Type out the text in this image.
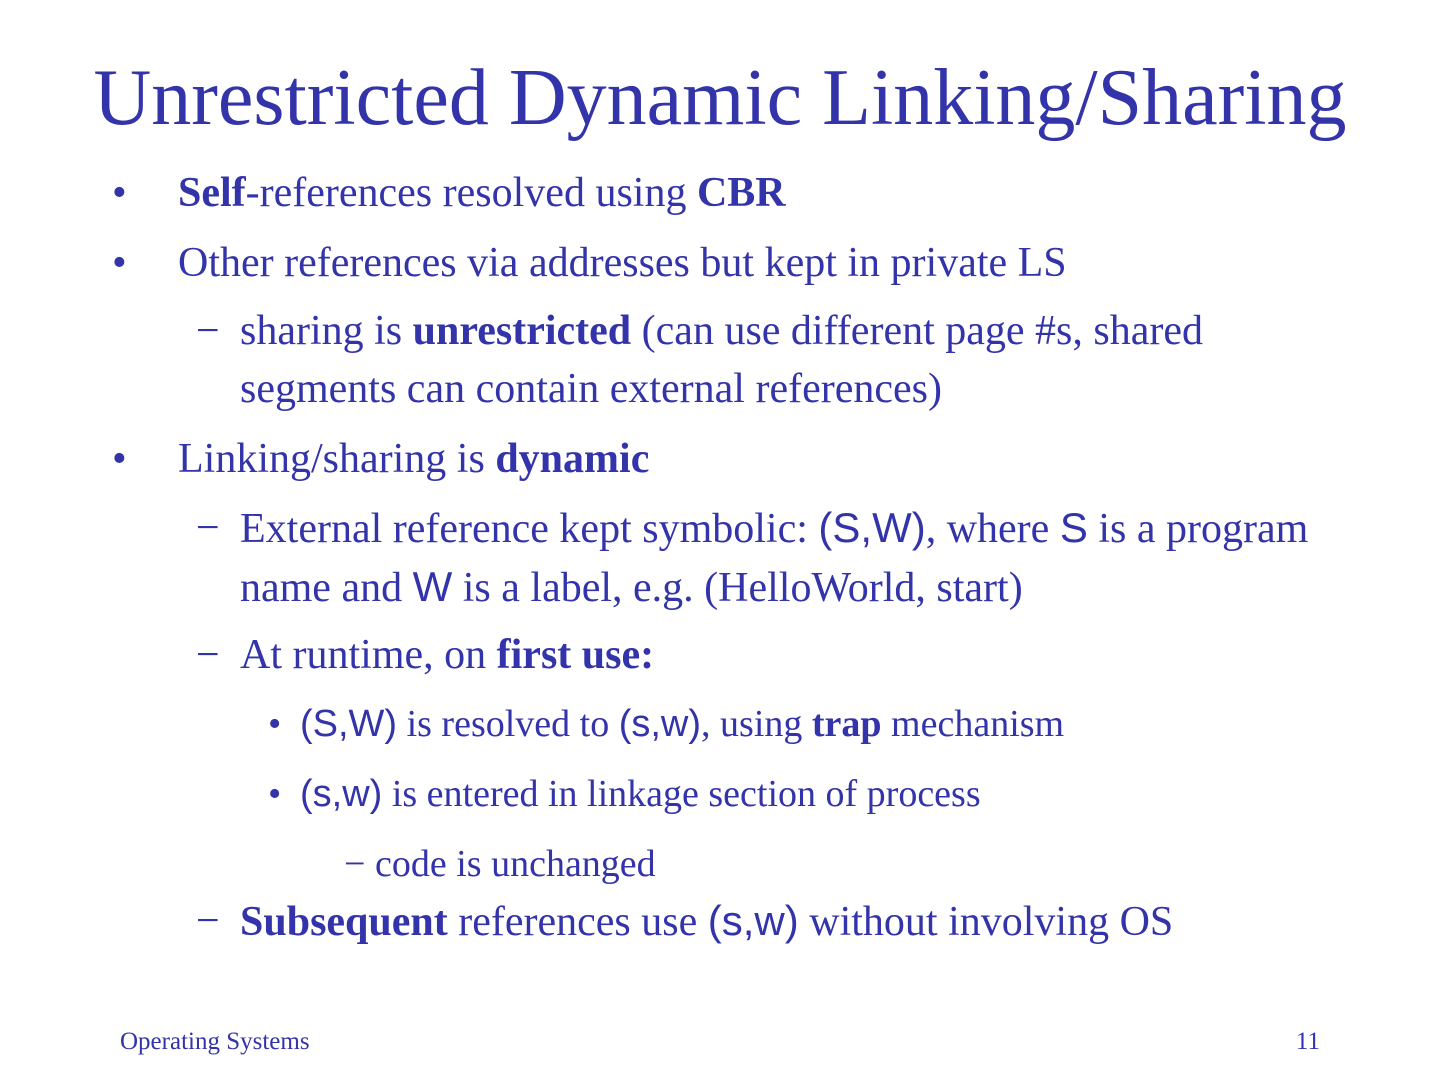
Unrestricted Dynamic Linking/Sharing
•	Self-references resolved using CBR
•	Other references via addresses but kept in private LS
− sharing is unrestricted (can use different page #s, shared segments can contain external references)
•	Linking/sharing is dynamic
− External reference kept symbolic: (S,W), where S is a program name and W is a label, e.g. (HelloWorld, start)
− At runtime, on first use:
• (S,W) is resolved to (s,w), using trap mechanism
• (s,w) is entered in linkage section of process
− code is unchanged
− Subsequent references use (s,w) without involving OS
Operating Systems	11
